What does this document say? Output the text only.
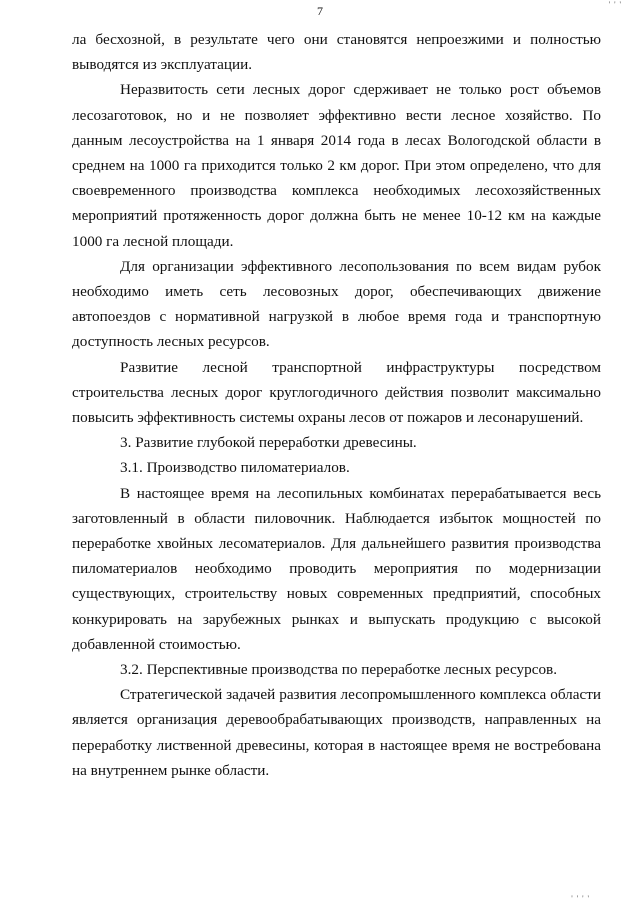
' ' '
7

ла бесхозной, в результате чего они становятся непроезжими и полностью выводятся из эксплуатации.

Неразвитость сети лесных дорог сдерживает не только рост объемов лесозаготовок, но и не позволяет эффективно вести лесное хозяйство. По данным лесоустройства на 1 января 2014 года в лесах Вологодской области в среднем на 1000 га приходится только 2 км дорог. При этом определено, что для своевременного производства комплекса необходимых лесохозяйственных мероприятий протяженность дорог должна быть не менее 10-12 км на каждые 1000 га лесной площади.

Для организации эффективного лесопользования по всем видам рубок необходимо иметь сеть лесовозных дорог, обеспечивающих движение автопоездов с нормативной нагрузкой в любое время года и транспортную доступность лесных ресурсов.

Развитие лесной транспортной инфраструктуры посредством строительства лесных дорог круглогодичного действия позволит максимально повысить эффективность системы охраны лесов от пожаров и лесонарушений.

3. Развитие глубокой переработки древесины.

3.1. Производство пиломатериалов.

В настоящее время на лесопильных комбинатах перерабатывается весь заготовленный в области пиловочник. Наблюдается избыток мощностей по переработке хвойных лесоматериалов. Для дальнейшего развития производства пиломатериалов необходимо проводить мероприятия по модернизации существующих, строительству новых современных предприятий, способных конкурировать на зарубежных рынках и выпускать продукцию с высокой добавленной стоимостью.

3.2. Перспективные производства по переработке лесных ресурсов.

Стратегической задачей развития лесопромышленного комплекса области является организация деревообрабатывающих производств, направленных на переработку лиственной древесины, которая в настоящее время не востребована на внутреннем рынке области.

' ' ' '
